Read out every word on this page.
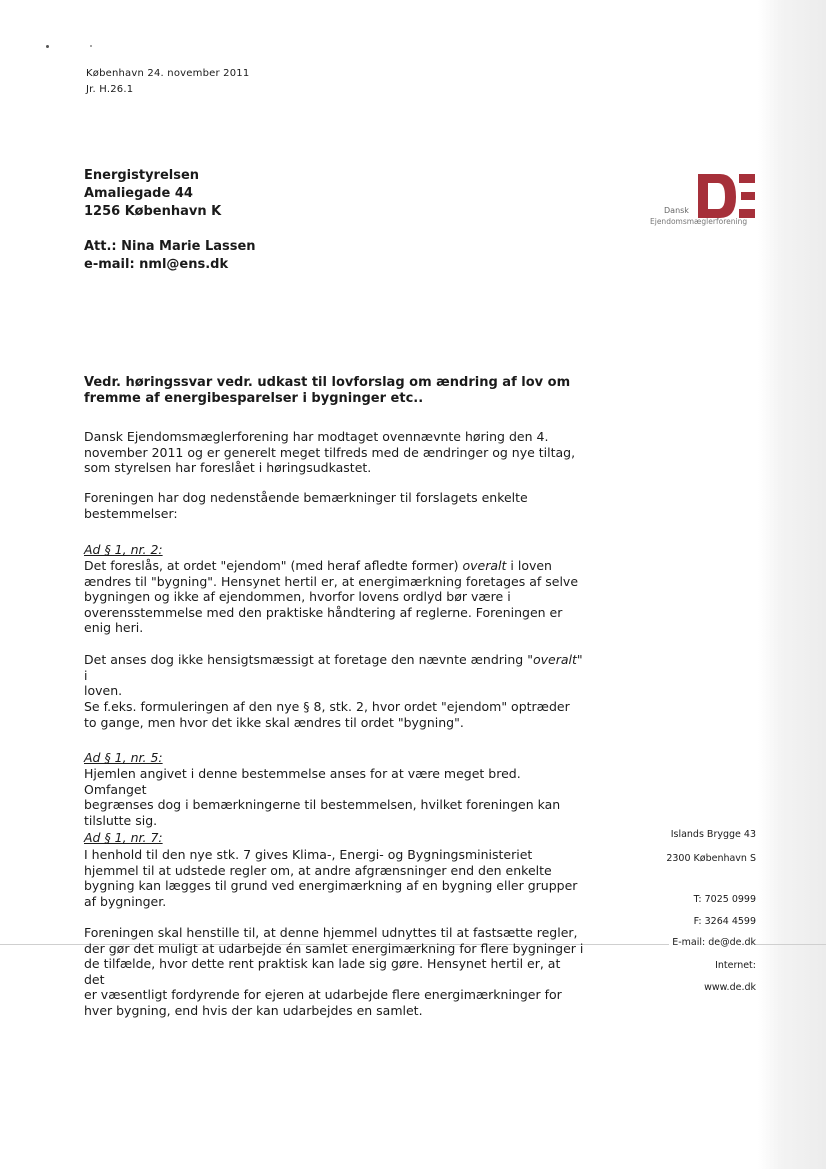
København 24. november 2011
Jr. H.26.1
Energistyrelsen
Amaliegade 44
1256 København K
Att.: Nina Marie Lassen
e-mail: nml@ens.dk
Dansk
Ejendomsmæglerforening
Vedr. høringssvar vedr. udkast til lovforslag om ændring af lov om
fremme af energibesparelser i bygninger etc..
Dansk Ejendomsmæglerforening har modtaget ovennævnte høring den 4.
november 2011 og er generelt meget tilfreds med de ændringer og nye tiltag,
som styrelsen har foreslået i høringsudkastet.
Foreningen har dog nedenstående bemærkninger til forslagets enkelte
bestemmelser:
Ad § 1, nr. 2:
Det foreslås, at ordet "ejendom" (med heraf afledte former) overalt i loven
ændres til "bygning". Hensynet hertil er, at energimærkning foretages af selve
bygningen og ikke af ejendommen, hvorfor lovens ordlyd bør være i
overensstemmelse med den praktiske håndtering af reglerne. Foreningen er
enig heri.
Det anses dog ikke hensigtsmæssigt at foretage den nævnte ændring "overalt" i
loven.
Se f.eks. formuleringen af den nye § 8, stk. 2, hvor ordet "ejendom" optræder
to gange, men hvor det ikke skal ændres til ordet "bygning".
Ad § 1, nr. 5:
Hjemlen angivet i denne bestemmelse anses for at være meget bred. Omfanget
begrænses dog i bemærkningerne til bestemmelsen, hvilket foreningen kan
tilslutte sig.
Ad § 1, nr. 7:
I henhold til den nye stk. 7 gives Klima-, Energi- og Bygningsministeriet
hjemmel til at udstede regler om, at andre afgrænsninger end den enkelte
bygning kan lægges til grund ved energimærkning af en bygning eller grupper
af bygninger.
Foreningen skal henstille til, at denne hjemmel udnyttes til at fastsætte regler,
der gør det muligt at udarbejde én samlet energimærkning for flere bygninger i
de tilfælde, hvor dette rent praktisk kan lade sig gøre. Hensynet hertil er, at det
er væsentligt fordyrende for ejeren at udarbejde flere energimærkninger for
hver bygning, end hvis der kan udarbejdes en samlet.
Islands Brygge 43
2300 København S
T: 7025 0999
F: 3264 4599
E-mail: de@de.dk
Internet:
www.de.dk
